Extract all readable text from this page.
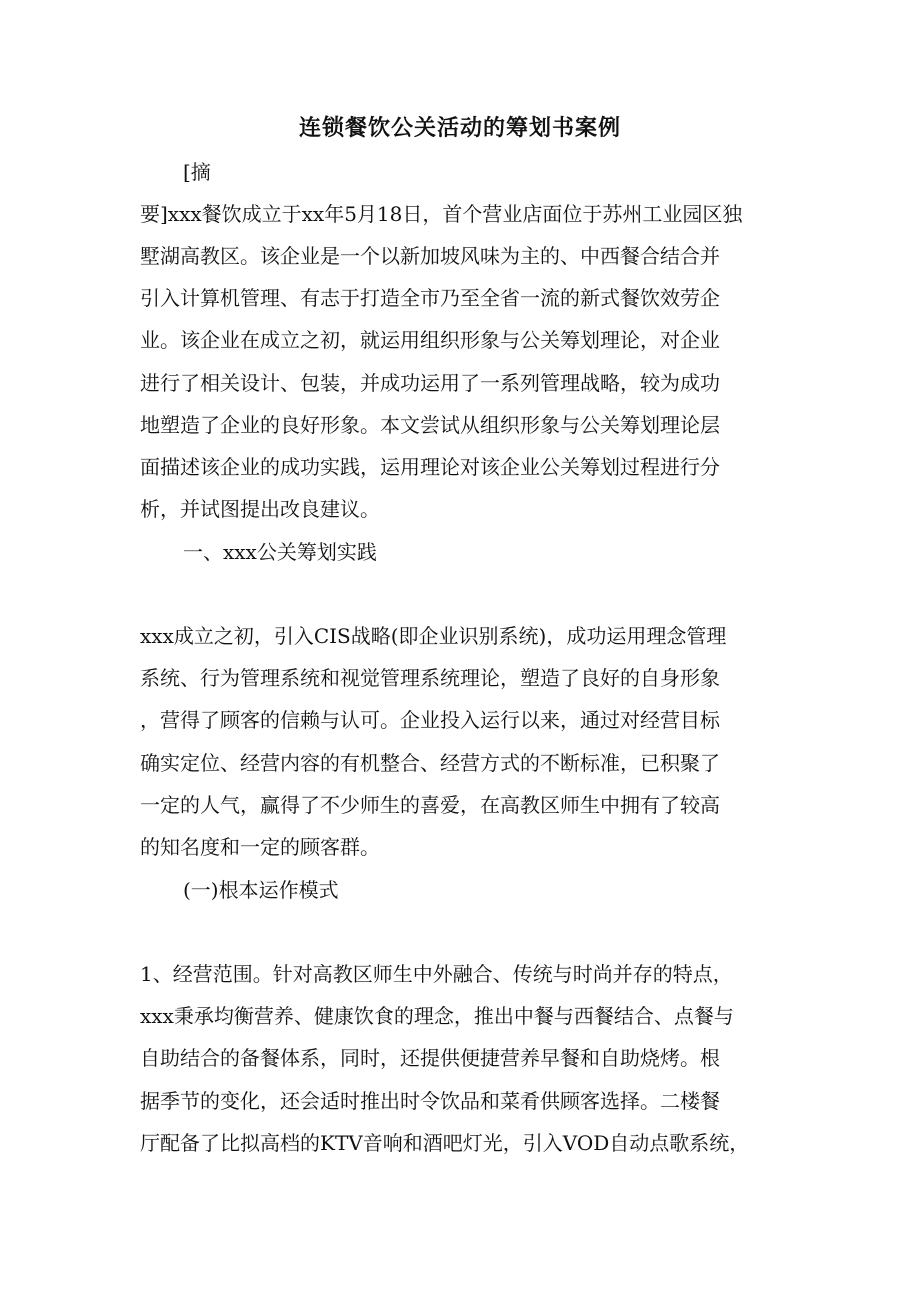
连锁餐饮公关活动的筹划书案例
[摘
要]xxx餐饮成立于xx年5月18日，首个营业店面位于苏州工业园区独
墅湖高教区。该企业是一个以新加坡风味为主的、中西餐合结合并
引入计算机管理、有志于打造全市乃至全省一流的新式餐饮效劳企
业。该企业在成立之初，就运用组织形象与公关筹划理论，对企业
进行了相关设计、包装，并成功运用了一系列管理战略，较为成功
地塑造了企业的良好形象。本文尝试从组织形象与公关筹划理论层
面描述该企业的成功实践，运用理论对该企业公关筹划过程进行分
析，并试图提出改良建议。
一、xxx公关筹划实践
xxx成立之初，引入CIS战略(即企业识别系统)，成功运用理念管理
系统、行为管理系统和视觉管理系统理论，塑造了良好的自身形象
，营得了顾客的信赖与认可。企业投入运行以来，通过对经营目标
确实定位、经营内容的有机整合、经营方式的不断标准，已积聚了
一定的人气，赢得了不少师生的喜爱，在高教区师生中拥有了较高
的知名度和一定的顾客群。
(一)根本运作模式
1、经营范围。针对高教区师生中外融合、传统与时尚并存的特点，
xxx秉承均衡营养、健康饮食的理念，推出中餐与西餐结合、点餐与
自助结合的备餐体系，同时，还提供便捷营养早餐和自助烧烤。根
据季节的变化，还会适时推出时令饮品和菜肴供顾客选择。二楼餐
厅配备了比拟高档的KTV音响和酒吧灯光，引入VOD自动点歌系统，
